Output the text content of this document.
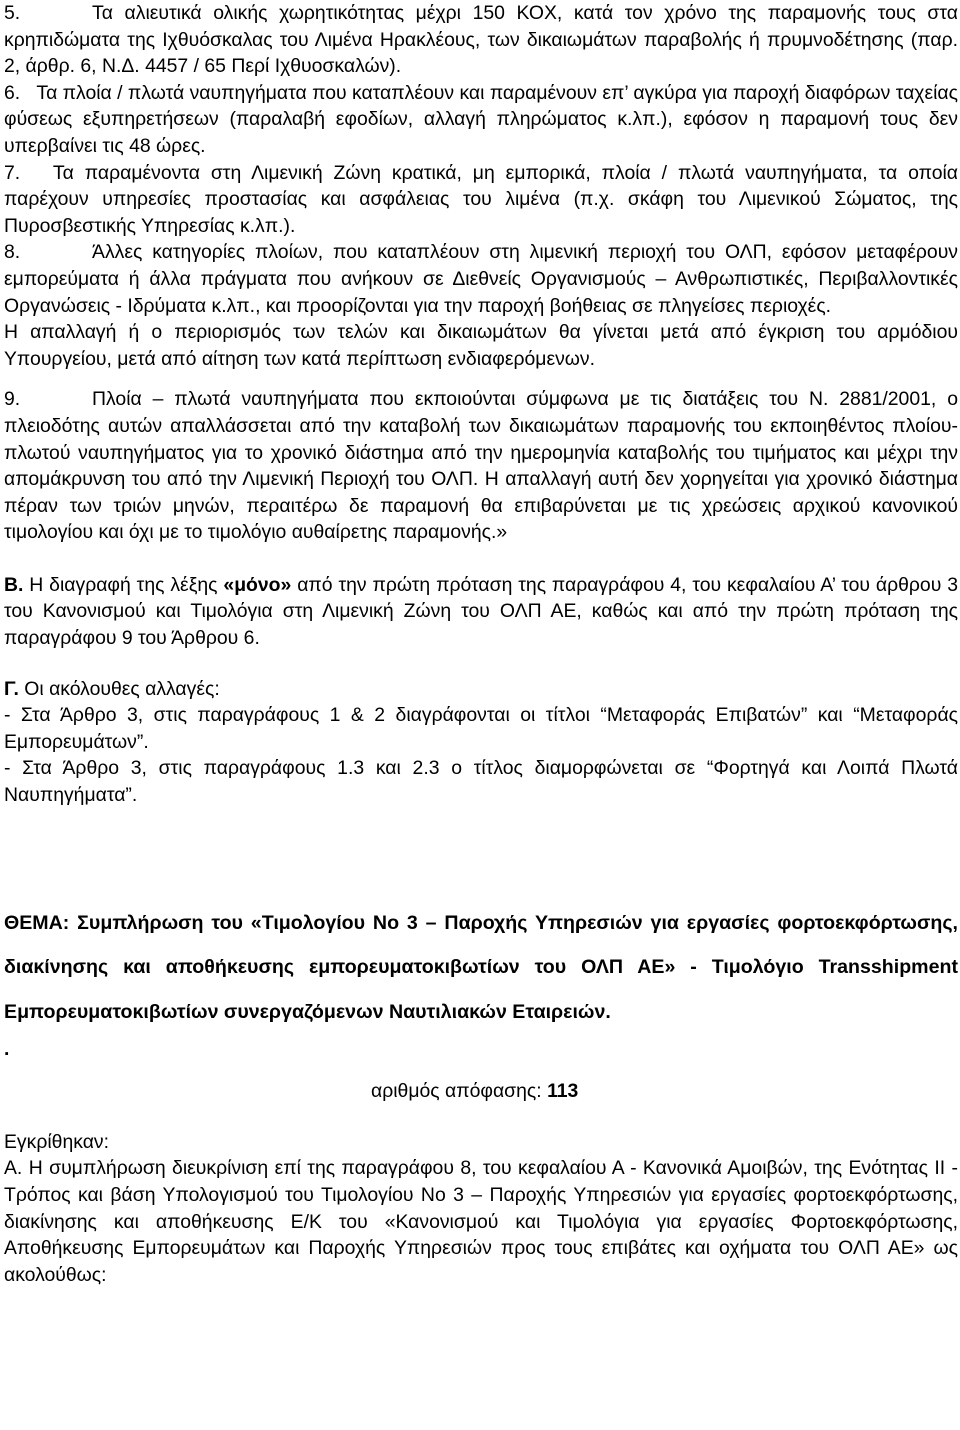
5.	Τα αλιευτικά ολικής χωρητικότητας μέχρι 150 ΚΟΧ, κατά τον χρόνο της παραμονής τους στα κρηπιδώματα της Ιχθυόσκαλας του Λιμένα Ηρακλέους, των δικαιωμάτων παραβολής ή πρυμνοδέτησης (παρ. 2, άρθρ. 6, Ν.Δ. 4457 / 65 Περί Ιχθυοσκαλών).

6. Τα πλοία / πλωτά ναυπηγήματα που καταπλέουν και παραμένουν επ’ αγκύρα για παροχή διαφόρων ταχείας φύσεως εξυπηρετήσεων (παραλαβή εφοδίων, αλλαγή πληρώματος κ.λπ.), εφόσον η παραμονή τους δεν υπερβαίνει τις 48 ώρες.

7. Τα παραμένοντα στη Λιμενική Ζώνη κρατικά, μη εμπορικά, πλοία / πλωτά ναυπηγήματα, τα οποία παρέχουν υπηρεσίες προστασίας και ασφάλειας του λιμένα (π.χ. σκάφη του Λιμενικού Σώματος, της Πυροσβεστικής Υπηρεσίας κ.λπ.).

8.	Άλλες κατηγορίες πλοίων, που καταπλέουν στη λιμενική περιοχή του ΟΛΠ, εφόσον μεταφέρουν εμπορεύματα ή άλλα πράγματα που ανήκουν σε Διεθνείς Οργανισμούς – Ανθρωπιστικές, Περιβαλλοντικές Οργανώσεις - Ιδρύματα κ.λπ., και προορίζονται για την παροχή βοήθειας σε πληγείσες περιοχές.

Η απαλλαγή ή ο περιορισμός των τελών και δικαιωμάτων θα γίνεται μετά από έγκριση του αρμόδιου Υπουργείου, μετά από αίτηση των κατά περίπτωση ενδιαφερόμενων.

9.	Πλοία – πλωτά ναυπηγήματα που εκποιούνται σύμφωνα με τις διατάξεις του Ν. 2881/2001, ο πλειοδότης αυτών απαλλάσσεται από την καταβολή των δικαιωμάτων παραμονής του εκποιηθέντος πλοίου-πλωτού ναυπηγήματος για το χρονικό διάστημα από την ημερομηνία καταβολής του τιμήματος και μέχρι την απομάκρυνση του από την Λιμενική Περιοχή του ΟΛΠ. Η απαλλαγή αυτή δεν χορηγείται για χρονικό διάστημα πέραν των τριών μηνών, περαιτέρω δε παραμονή θα επιβαρύνεται με τις χρεώσεις αρχικού κανονικού τιμολογίου και όχι με το τιμολόγιο αυθαίρετης παραμονής.»

Β. Η διαγραφή της λέξης «μόνο» από την πρώτη πρόταση της παραγράφου 4, του κεφαλαίου Α’ του άρθρου 3 του Κανονισμού και Τιμολόγια στη Λιμενική Ζώνη του ΟΛΠ ΑΕ, καθώς και από την πρώτη πρόταση της παραγράφου 9 του Άρθρου 6.

Γ. Οι ακόλουθες αλλαγές:

- Στα Άρθρο 3, στις παραγράφους 1 & 2 διαγράφονται οι τίτλοι “Μεταφοράς Επιβατών” και “Μεταφοράς Εμπορευμάτων”.

- Στα Άρθρο 3, στις παραγράφους 1.3 και 2.3 ο τίτλος διαμορφώνεται σε “Φορτηγά και Λοιπά Πλωτά Ναυπηγήματα”.

ΘΕΜΑ: Συμπλήρωση του «Τιμολογίου Νο 3 – Παροχής Υπηρεσιών για εργασίες φορτοεκφόρτωσης, διακίνησης και αποθήκευσης εμπορευματοκιβωτίων του ΟΛΠ ΑΕ» - Τιμολόγιο Transshipment Εμπορευματοκιβωτίων συνεργαζόμενων Ναυτιλιακών Εταιρειών.

.

αριθμός απόφασης: 113

Εγκρίθηκαν:

Α. Η συμπλήρωση διευκρίνιση επί της παραγράφου 8, του κεφαλαίου Α - Κανονικά Αμοιβών, της Ενότητας ΙΙ - Τρόπος και βάση Υπολογισμού του Τιμολογίου Νο 3 – Παροχής Υπηρεσιών για εργασίες φορτοεκφόρτωσης, διακίνησης και αποθήκευσης Ε/Κ του «Κανονισμού και Τιμολόγια για εργασίες Φορτοεκφόρτωσης, Αποθήκευσης Εμπορευμάτων και Παροχής Υπηρεσιών προς τους επιβάτες και οχήματα του ΟΛΠ ΑΕ» ως ακολούθως:
